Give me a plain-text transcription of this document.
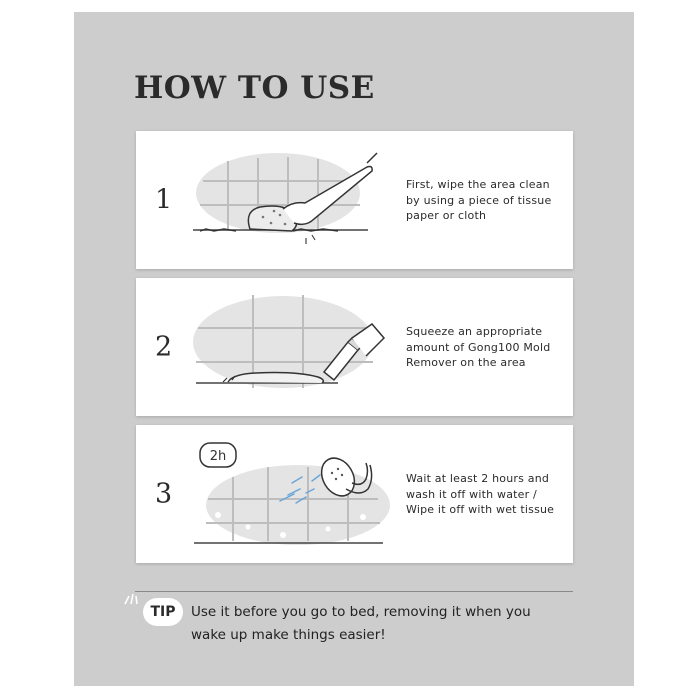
HOW TO USE
1

First, wipe the area clean by using a piece of tissue paper or cloth

2

Squeeze an appropriate amount of Gong100 Mold Remover on the area

3
2h

Wait at least 2 hours and wash it off with water / Wipe it off with wet tissue

TIP	Use it before you go to bed, removing it when you wake up make things easier!
